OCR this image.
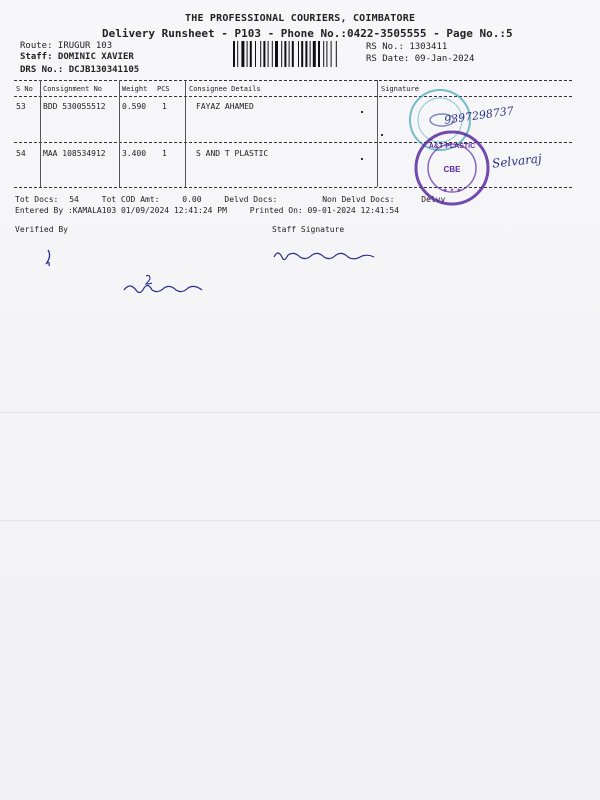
THE PROFESSIONAL COURIERS, COIMBATORE
Delivery Runsheet - P103 - Phone No.:0422-3505555 - Page No.:5
Route: IRUGUR 103
Staff: DOMINIC XAVIER
DRS No.: DCJB130341105
RS No.: 1303411
RS Date: 09-Jan-2024
S No Consignment No	Weight PCS	Consignee Details	Signature
53 BDD 530055512 0.590 1	FAYAZ AHAMED
54 MAA 108534912 3.400 1	S AND T PLASTIC
Tot Docs: 54	Tot COD Amt:	0.00	Delvd Docs:	Non Delvd Docs:	Delvy
Entered By :KAMALA103 01/09/2024 12:41:24 PM	Printed On: 09-01-2024 12:41:54
Verified By	Staff Signature
A&T PLASTIC
CBE
★ ✦ ★
9397298737
Selvaraj
